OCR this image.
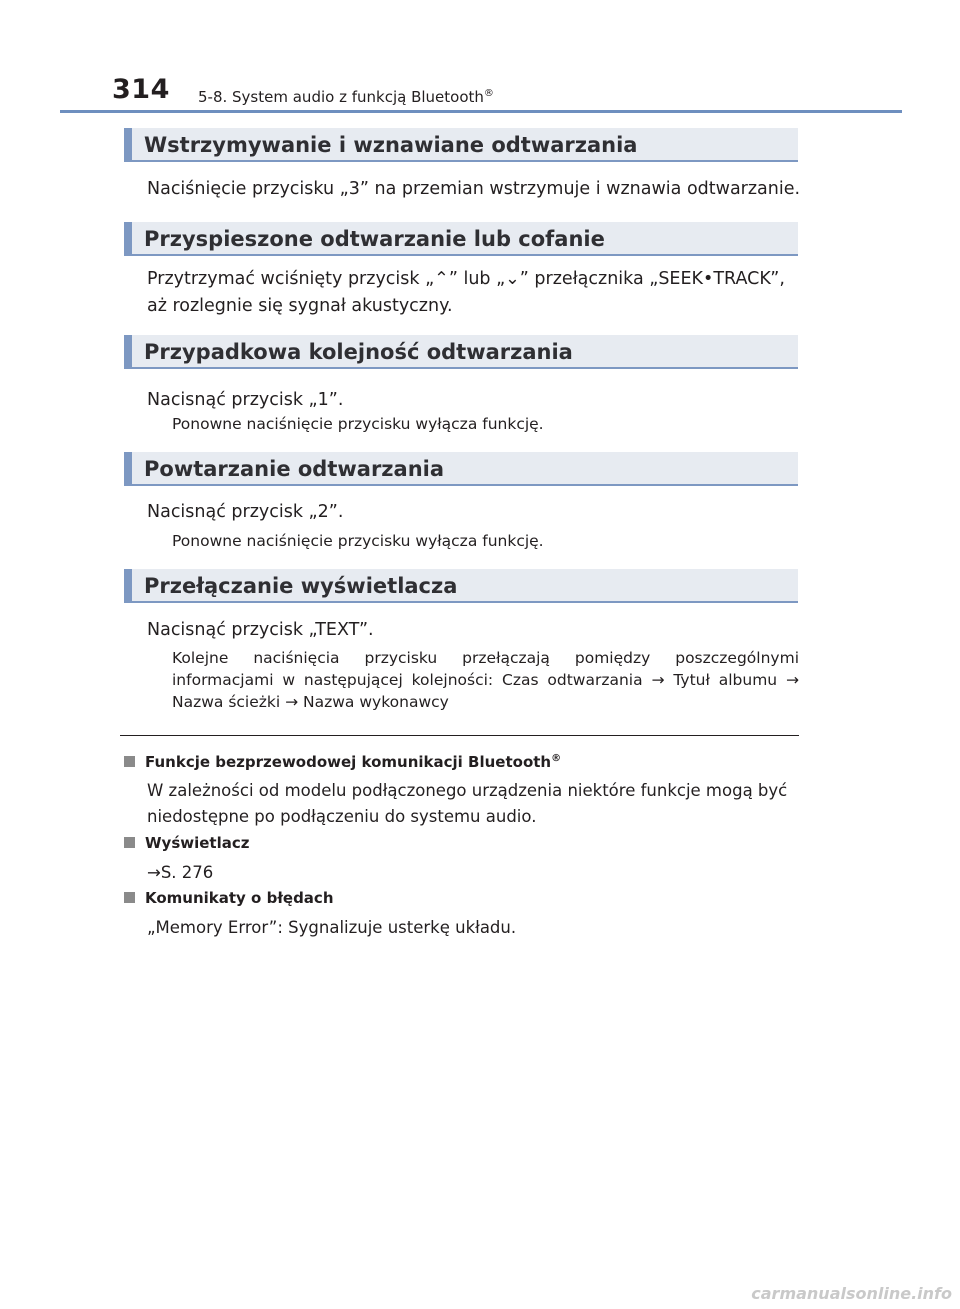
314 5-8. System audio z funkcją Bluetooth®
Wstrzymywanie i wznawiane odtwarzania
Naciśnięcie przycisku „3” na przemian wstrzymuje i wznawia odtwarzanie.
Przyspieszone odtwarzanie lub cofanie
Przytrzymać wciśnięty przycisk „⌃” lub „⌄” przełącznika „SEEK•TRACK”,
aż rozlegnie się sygnał akustyczny.
Przypadkowa kolejność odtwarzania
Nacisnąć przycisk „1”.
Ponowne naciśnięcie przycisku wyłącza funkcję.
Powtarzanie odtwarzania
Nacisnąć przycisk „2”.
Ponowne naciśnięcie przycisku wyłącza funkcję.
Przełączanie wyświetlacza
Nacisnąć przycisk „TEXT”.
Kolejne naciśnięcia przycisku przełączają pomiędzy poszczególnymi informacjami w następującej kolejności: Czas odtwarzania → Tytuł albumu → Nazwa ścieżki → Nazwa wykonawcy
Funkcje bezprzewodowej komunikacji Bluetooth®
W zależności od modelu podłączonego urządzenia niektóre funkcje mogą być niedostępne po podłączeniu do systemu audio.
Wyświetlacz
→S. 276
Komunikaty o błędach
„Memory Error”: Sygnalizuje usterkę układu.
carmanualsonline.info
